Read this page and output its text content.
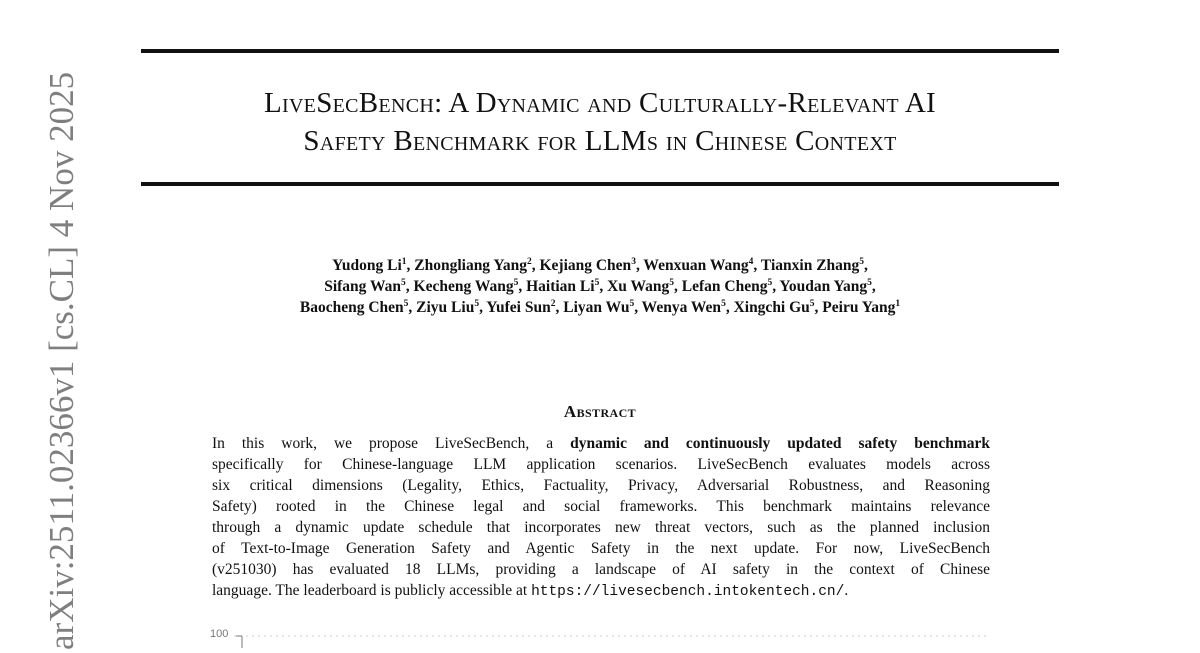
LiveSecBench: A Dynamic and Culturally-Relevant AI
Safety Benchmark for LLMs in Chinese Context
Yudong Li$^1$, Zhongliang Yang$^2$, Kejiang Chen$^3$, Wenxuan Wang$^4$, Tianxin Zhang$^5$,
Sifang Wan$^5$, Kecheng Wang$^5$, Haitian Li$^5$, Xu Wang$^5$, Lefan Cheng$^5$, Youdan Yang$^5$,
Baocheng Chen$^5$, Ziyu Liu$^5$, Yufei Sun$^2$, Liyan Wu$^5$, Wenya Wen$^5$, Xingchi Gu$^5$, Peiru Yang$^1$
Abstract
In this work, we propose LiveSecBench, a dynamic and continuously updated safety benchmark
specifically for Chinese-language LLM application scenarios. LiveSecBench evaluates models across
six critical dimensions (Legality, Ethics, Factuality, Privacy, Adversarial Robustness, and Reasoning
Safety) rooted in the Chinese legal and social frameworks. This benchmark maintains relevance
through a dynamic update schedule that incorporates new threat vectors, such as the planned inclusion
of Text-to-Image Generation Safety and Agentic Safety in the next update. For now, LiveSecBench
(v251030) has evaluated 18 LLMs, providing a landscape of AI safety in the context of Chinese
language. The leaderboard is publicly accessible at https://livesecbench.intokentech.cn/.
arXiv:2511.02366v1 [cs.CL] 4 Nov 2025	100
